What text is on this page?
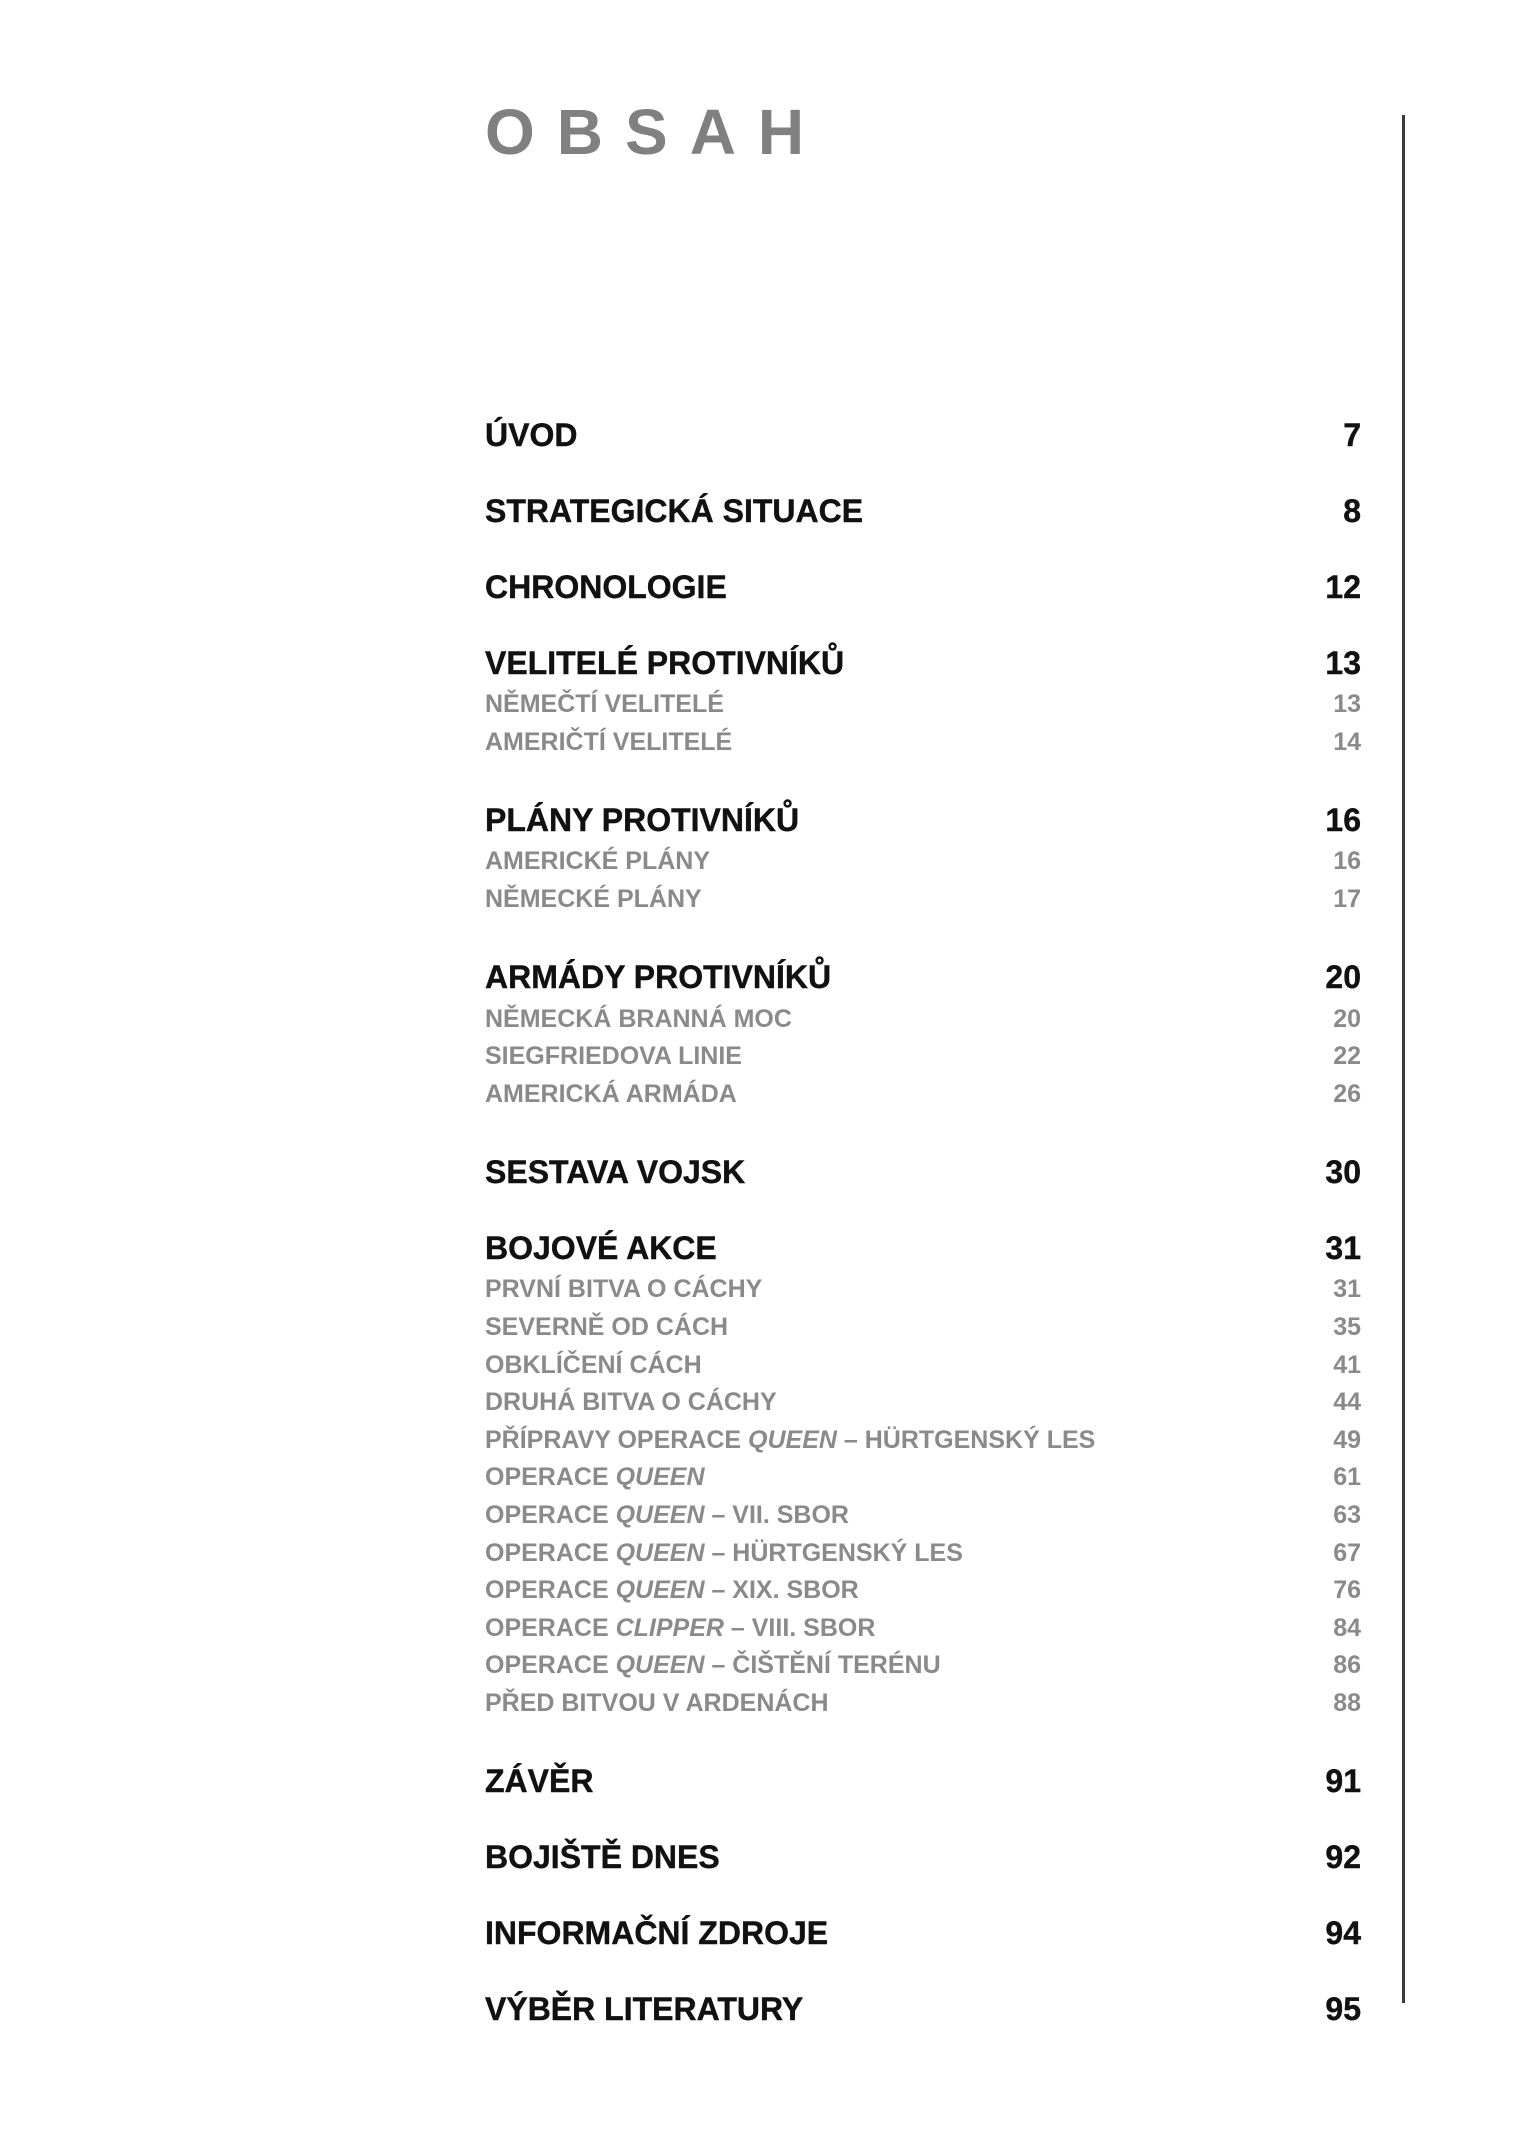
OBSAH
ÚVOD	7
STRATEGICKÁ SITUACE	8
CHRONOLOGIE	12
VELITELÉ PROTIVNÍKŮ	13
NĚMEČTÍ VELITELÉ	13
AMERIČTÍ VELITELÉ	14
PLÁNY PROTIVNÍKŮ	16
AMERICKÉ PLÁNY	16
NĚMECKÉ PLÁNY	17
ARMÁDY PROTIVNÍKŮ	20
NĚMECKÁ BRANNÁ MOC	20
SIEGFRIEDOVA LINIE	22
AMERICKÁ ARMÁDA	26
SESTAVA VOJSK	30
BOJOVÉ AKCE	31
PRVNÍ BITVA O CÁCHY	31
SEVERNĚ OD CÁCH	35
OBKLÍČENÍ CÁCH	41
DRUHÁ BITVA O CÁCHY	44
PŘÍPRAVY OPERACE QUEEN – HÜRTGENSKÝ LES	49
OPERACE QUEEN	61
OPERACE QUEEN – VII. SBOR	63
OPERACE QUEEN – HÜRTGENSKÝ LES	67
OPERACE QUEEN – XIX. SBOR	76
OPERACE CLIPPER – VIII. SBOR	84
OPERACE QUEEN – ČIŠTĚNÍ TERÉNU	86
PŘED BITVOU V ARDENÁCH	88
ZÁVĚR	91
BOJIŠTĚ DNES	92
INFORMAČNÍ ZDROJE	94
VÝBĚR LITERATURY	95
